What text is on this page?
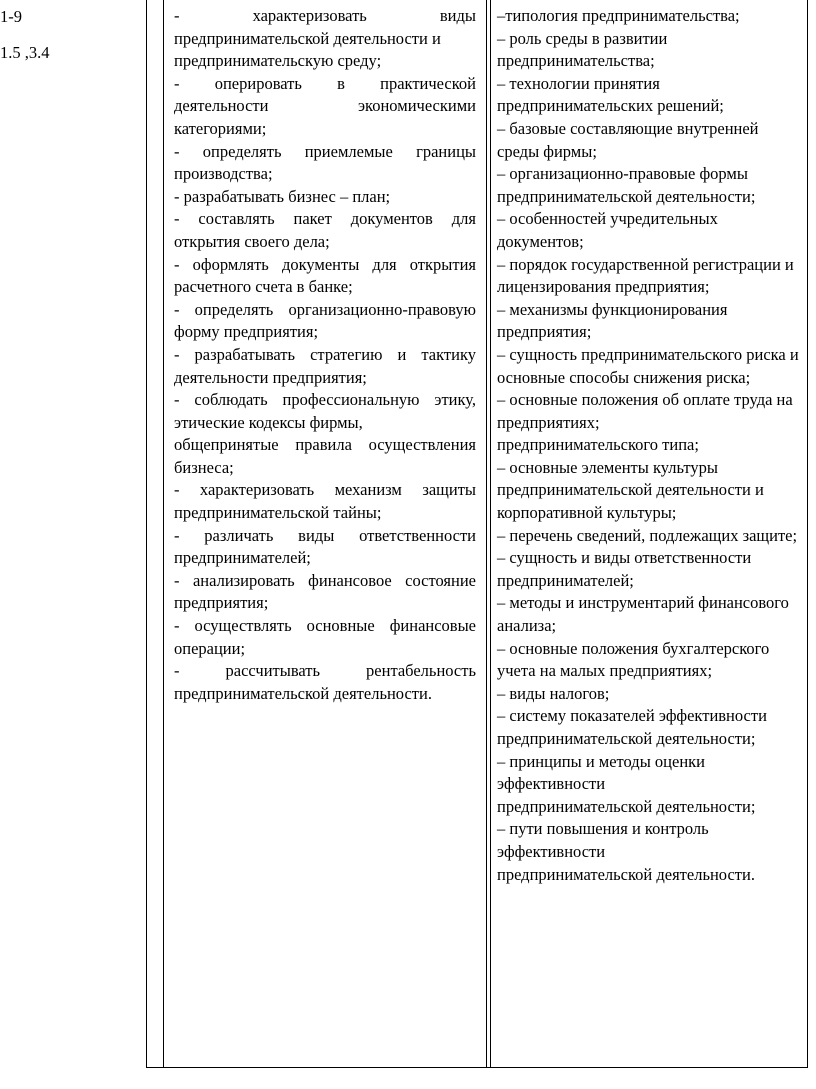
1-9
1.5 ,3.4
- характеризовать виды предпринимательской деятельности и
предпринимательскую среду;
- оперировать в практической деятельности экономическими категориями;
- определять приемлемые границы производства;
- разрабатывать бизнес – план;
- составлять пакет документов для открытия своего дела;
- оформлять документы для открытия расчетного счета в банке;
- определять организационно-правовую форму предприятия;
- разрабатывать стратегию и тактику деятельности предприятия;
- соблюдать профессиональную этику, этические кодексы фирмы,
общепринятые правила осуществления бизнеса;
- характеризовать механизм защиты предпринимательской тайны;
- различать виды ответственности предпринимателей;
- анализировать финансовое состояние предприятия;
- осуществлять основные финансовые операции;
- рассчитывать рентабельность предпринимательской деятельности.
–типология предпринимательства;
– роль среды в развитии предпринимательства;
– технологии принятия предпринимательских решений;
– базовые составляющие внутренней среды фирмы;
– организационно-правовые формы предпринимательской деятельности;
– особенностей учредительных документов;
– порядок государственной регистрации и лицензирования предприятия;
– механизмы функционирования предприятия;
– сущность предпринимательского риска и основные способы снижения риска;
– основные положения об оплате труда на предприятиях;
предпринимательского типа;
– основные элементы культуры предпринимательской деятельности и
корпоративной культуры;
– перечень сведений, подлежащих защите;
– сущность и виды ответственности предпринимателей;
– методы и инструментарий финансового анализа;
– основные положения бухгалтерского учета на малых предприятиях;
– виды налогов;
– систему показателей эффективности
предпринимательской деятельности;
– принципы и методы оценки эффективности
предпринимательской деятельности;
– пути повышения и контроль эффективности
предпринимательской деятельности.
